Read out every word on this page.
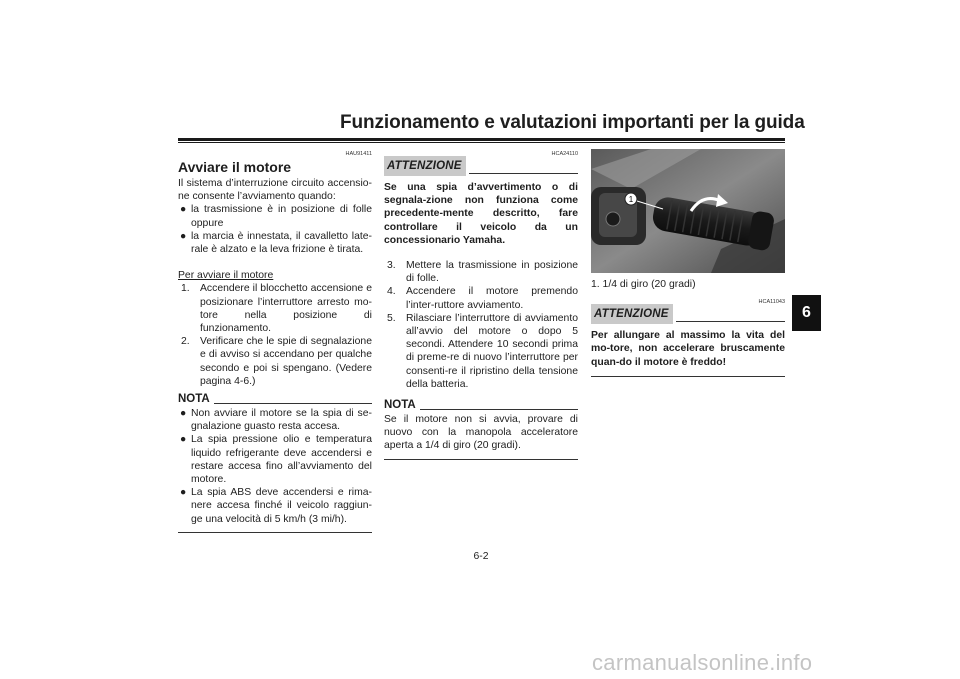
Funzionamento e valutazioni importanti per la guida
6
HAU91411
Avviare il motore

Il sistema d’interruzione circuito accensio-ne consente l’avviamento quando:

● la trasmissione è in posizione di folle oppure
● la marcia è innestata, il cavalletto late-rale è alzato e la leva frizione è tirata.
Per avviare il motore
1. Accendere il blocchetto accensione e posizionare l’interruttore arresto mo-tore nella posizione di funzionamento.
2. Verificare che le spie di segnalazione e di avviso si accendano per qualche secondo e poi si spengano. (Vedere pagina 4-6.)
NOTA
● Non avviare il motore se la spia di se-gnalazione guasto resta accesa.
● La spia pressione olio e temperatura liquido refrigerante deve accendersi e restare accesa fino all’avviamento del motore.
● La spia ABS deve accendersi e rima-nere accesa finché il veicolo raggiun-ge una velocità di 5 km/h (3 mi/h).
HCA24110
ATTENZIONE
Se una spia d’avvertimento o di segnala-zione non funziona come precedente-mente descritto, fare controllare il veicolo da un concessionario Yamaha.
3. Mettere la trasmissione in posizione di folle.
4. Accendere il motore premendo l’inter-ruttore avviamento.
5. Rilasciare l’interruttore di avviamento all’avvio del motore o dopo 5 secondi. Attendere 10 secondi prima di preme-re di nuovo l’interruttore per consenti-re il ripristino della tensione della batteria.
NOTA

Se il motore non si avvia, provare di nuovo con la manopola acceleratore aperta a 1/4 di giro (20 gradi).

1
1. 1/4 di giro (20 gradi)
HCA11043
ATTENZIONE
Per allungare al massimo la vita del mo-tore, non accelerare bruscamente quan-do il motore è freddo!
6-2
carmanualsonline.info
